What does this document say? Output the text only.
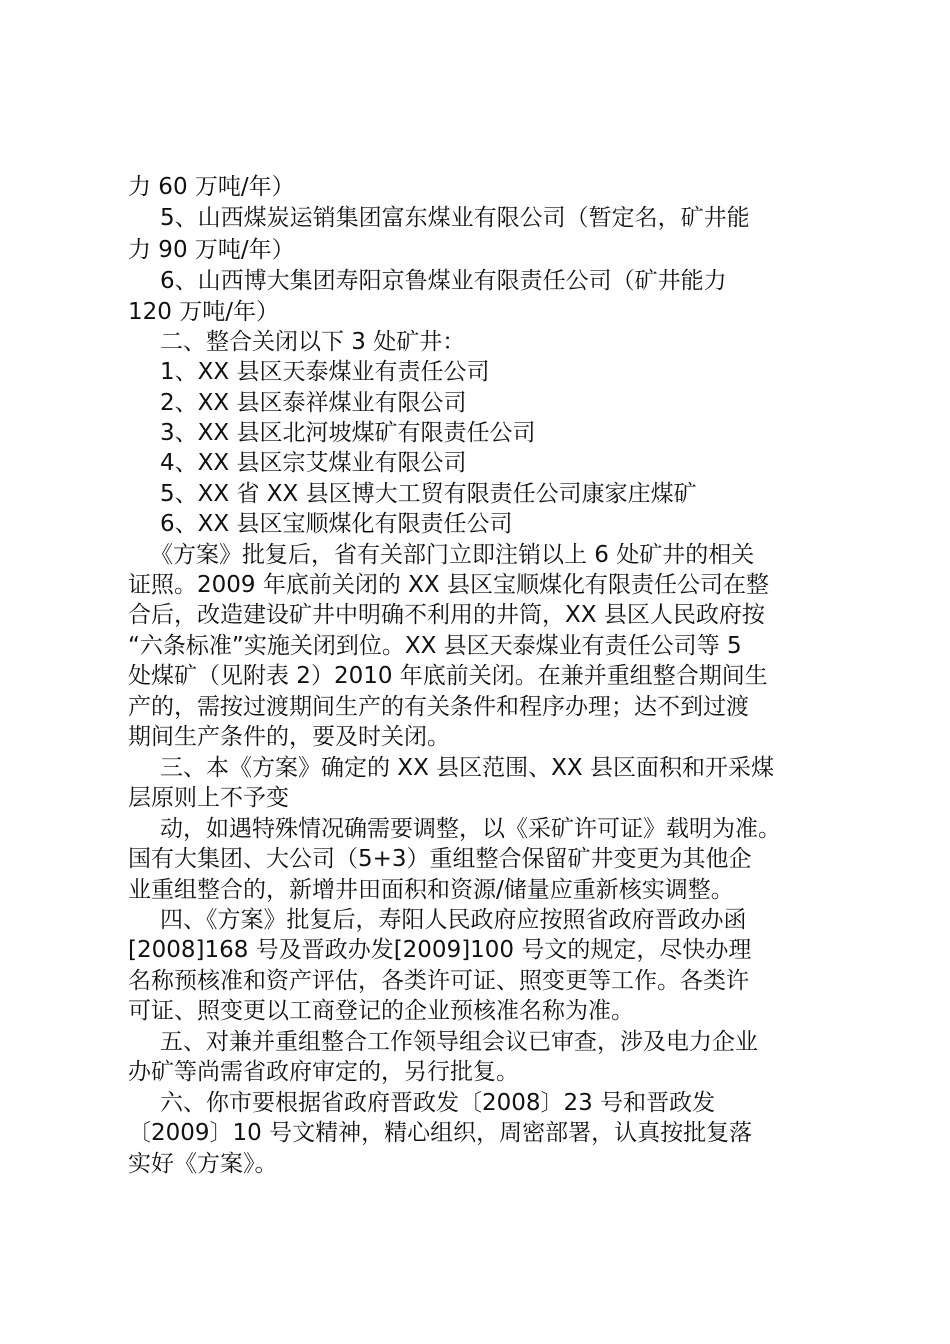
力 60 万吨/年）
5、山西煤炭运销集团富东煤业有限公司（暂定名，矿井能
力 90 万吨/年）
6、山西博大集团寿阳京鲁煤业有限责任公司（矿井能力
120 万吨/年）
二、整合关闭以下 3 处矿井：
1、XX 县区天泰煤业有责任公司
2、XX 县区泰祥煤业有限公司
3、XX 县区北河坡煤矿有限责任公司
4、XX 县区宗艾煤业有限公司
5、XX 省 XX 县区博大工贸有限责任公司康家庄煤矿
6、XX 县区宝顺煤化有限责任公司
《方案》批复后，省有关部门立即注销以上 6 处矿井的相关
证照。2009 年底前关闭的 XX 县区宝顺煤化有限责任公司在整
合后，改造建设矿井中明确不利用的井筒，XX 县区人民政府按
“六条标准”实施关闭到位。XX 县区天泰煤业有责任公司等 5
处煤矿（见附表 2）2010 年底前关闭。在兼并重组整合期间生
产的，需按过渡期间生产的有关条件和程序办理；达不到过渡
期间生产条件的，要及时关闭。
三、本《方案》确定的 XX 县区范围、XX 县区面积和开采煤
层原则上不予变
动，如遇特殊情况确需要调整，以《采矿许可证》载明为准。
国有大集团、大公司（5+3）重组整合保留矿井变更为其他企
业重组整合的，新增井田面积和资源/储量应重新核实调整。
四、《方案》批复后，寿阳人民政府应按照省政府晋政办函
[2008]168 号及晋政办发[2009]100 号文的规定，尽快办理
名称预核准和资产评估，各类许可证、照变更等工作。各类许
可证、照变更以工商登记的企业预核准名称为准。
五、对兼并重组整合工作领导组会议已审查，涉及电力企业
办矿等尚需省政府审定的，另行批复。
六、你市要根据省政府晋政发〔2008〕23 号和晋政发
〔2009〕10 号文精神，精心组织，周密部署，认真按批复落
实好《方案》。
